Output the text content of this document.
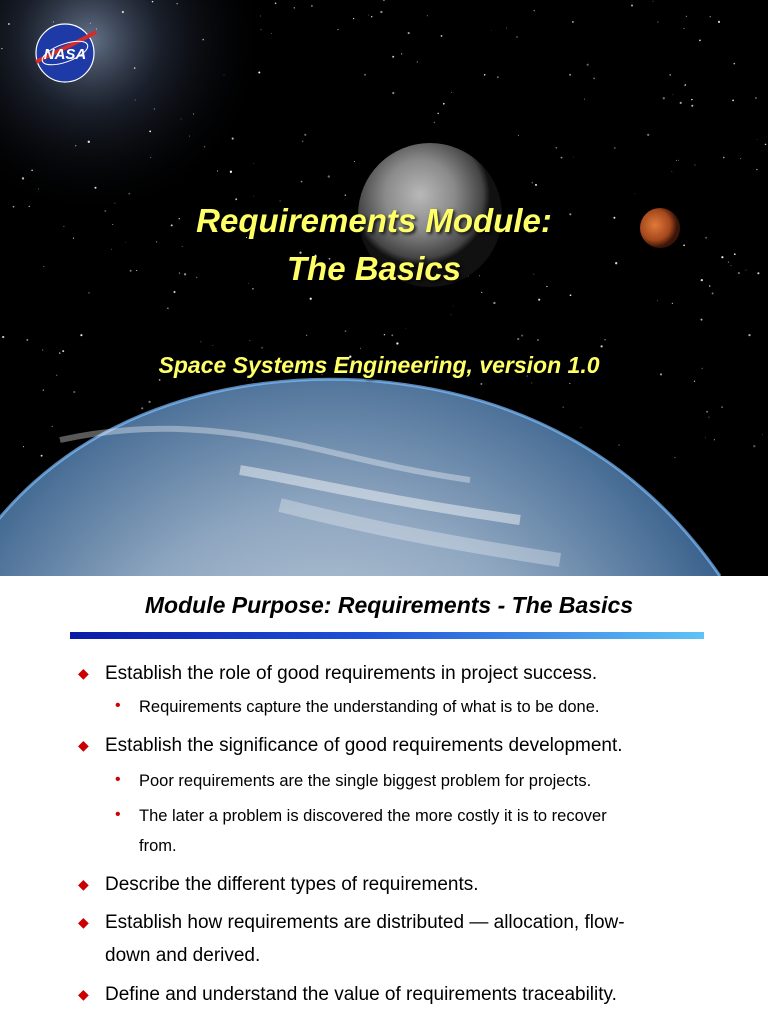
NASA
Requirements Module:
The Basics
Space Systems Engineering, version 1.0
Module Purpose: Requirements - The Basics
◆ Establish the role of good requirements in project success.
• Requirements capture the understanding of what is to be done.
◆ Establish the significance of good requirements development.
• Poor requirements are the single biggest problem for projects.
• The later a problem is discovered the more costly it is to recover
from.
◆ Describe the different types of requirements.
◆ Establish how requirements are distributed — allocation, flow-
down and derived.
◆ Define and understand the value of requirements traceability.
